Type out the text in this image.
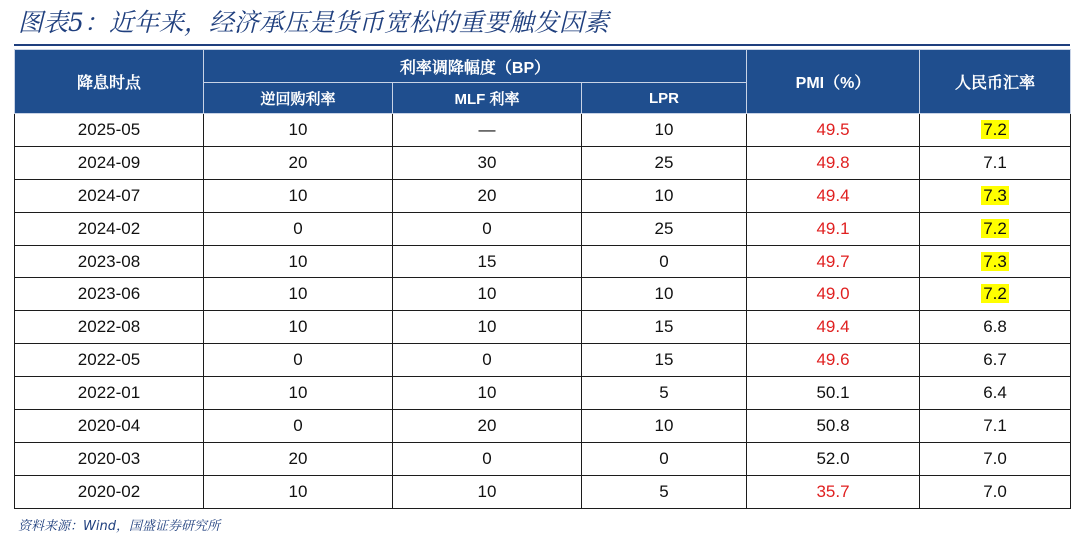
图表5：近年来，经济承压是货币宽松的重要触发因素
降息时点	利率调降幅度（BP）			PMI（%）	人民币汇率
	逆回购利率	MLF 利率	LPR		
2025-05	10	—	10	49.5	7.2
2024-09	20	30	25	49.8	7.1
2024-07	10	20	10	49.4	7.3
2024-02	0	0	25	49.1	7.2
2023-08	10	15	0	49.7	7.3
2023-06	10	10	10	49.0	7.2
2022-08	10	10	15	49.4	6.8
2022-05	0	0	15	49.6	6.7
2022-01	10	10	5	50.1	6.4
2020-04	0	20	10	50.8	7.1
2020-03	20	0	0	52.0	7.0
2020-02	10	10	5	35.7	7.0
资料来源：Wind，国盛证券研究所
